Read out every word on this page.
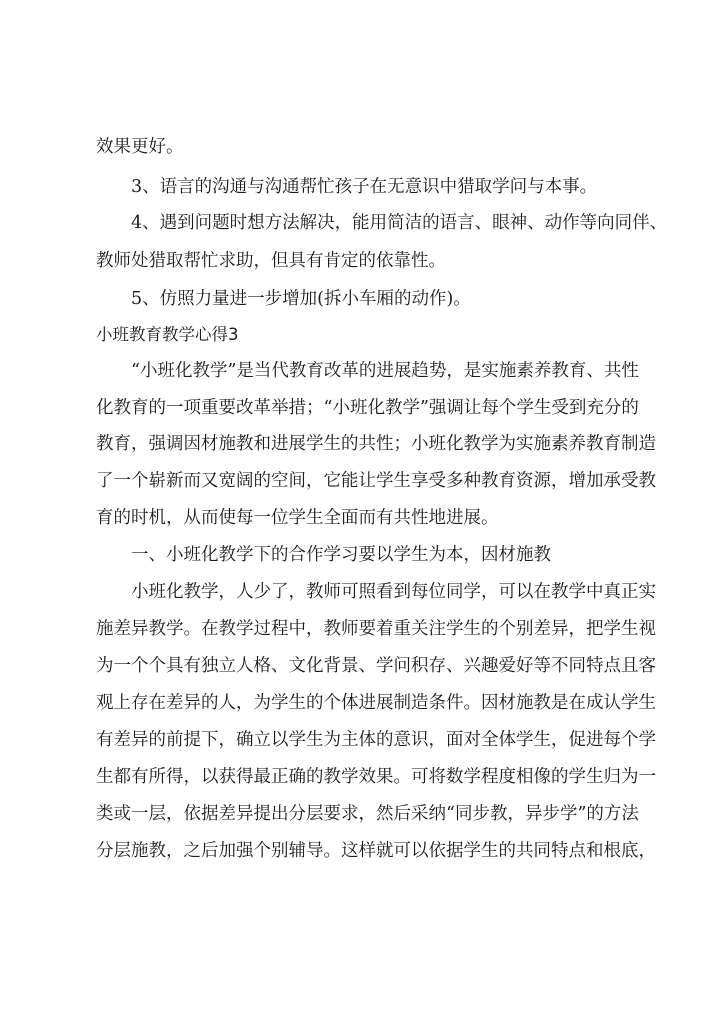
效果更好。

3、语言的沟通与沟通帮忙孩子在无意识中猎取学问与本事。

4、遇到问题时想方法解决，能用简洁的语言、眼神、动作等向同伴、

教师处猎取帮忙求助，但具有肯定的依靠性。

5、仿照力量进一步增加(拆小车厢的动作)。

小班教育教学心得3

“小班化教学”是当代教育改革的进展趋势，是实施素养教育、共性

化教育的一项重要改革举措；“小班化教学”强调让每个学生受到充分的

教育，强调因材施教和进展学生的共性；小班化教学为实施素养教育制造

了一个崭新而又宽阔的空间，它能让学生享受多种教育资源，增加承受教

育的时机，从而使每一位学生全面而有共性地进展。

一、小班化教学下的合作学习要以学生为本，因材施教

小班化教学，人少了，教师可照看到每位同学，可以在教学中真正实

施差异教学。在教学过程中，教师要着重关注学生的个别差异，把学生视

为一个个具有独立人格、文化背景、学问积存、兴趣爱好等不同特点且客

观上存在差异的人，为学生的个体进展制造条件。因材施教是在成认学生

有差异的前提下，确立以学生为主体的意识，面对全体学生，促进每个学

生都有所得，以获得最正确的教学效果。可将数学程度相像的学生归为一

类或一层，依据差异提出分层要求，然后采纳“同步教，异步学”的方法

分层施教，之后加强个别辅导。这样就可以依据学生的共同特点和根底，
